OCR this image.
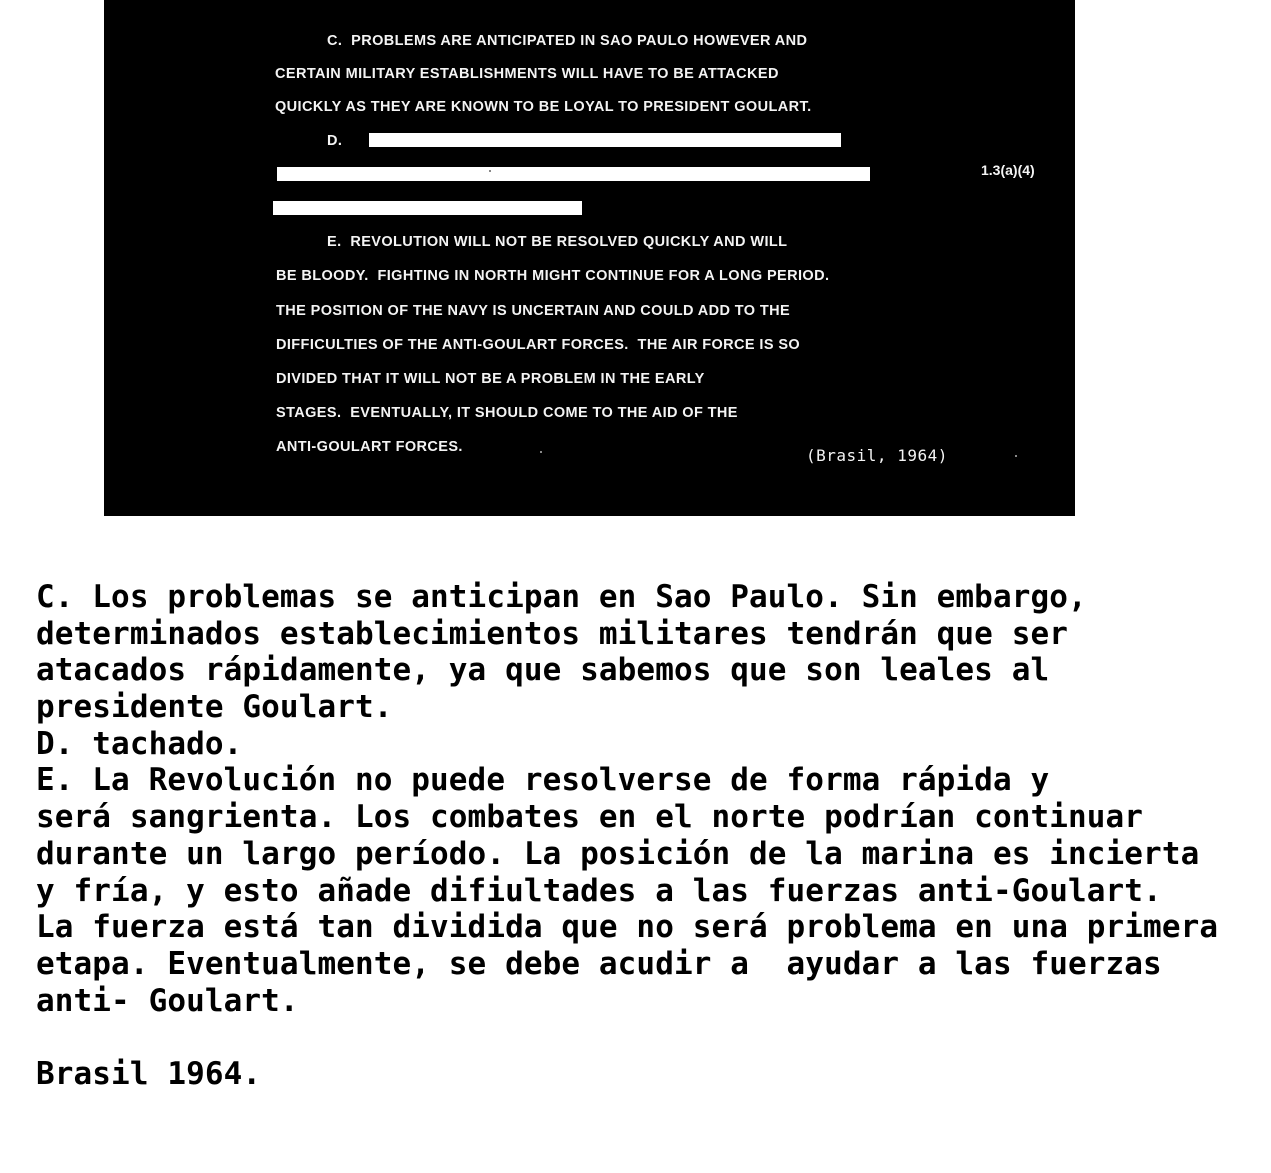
C.  PROBLEMS ARE ANTICIPATED IN SAO PAULO HOWEVER AND
CERTAIN MILITARY ESTABLISHMENTS WILL HAVE TO BE ATTACKED
QUICKLY AS THEY ARE KNOWN TO BE LOYAL TO PRESIDENT GOULART.
D.
1.3(a)(4)
E.  REVOLUTION WILL NOT BE RESOLVED QUICKLY AND WILL
BE BLOODY.  FIGHTING IN NORTH MIGHT CONTINUE FOR A LONG PERIOD.
THE POSITION OF THE NAVY IS UNCERTAIN AND COULD ADD TO THE
DIFFICULTIES OF THE ANTI-GOULART FORCES.  THE AIR FORCE IS SO
DIVIDED THAT IT WILL NOT BE A PROBLEM IN THE EARLY
STAGES.  EVENTUALLY, IT SHOULD COME TO THE AID OF THE
ANTI-GOULART FORCES.	(Brasil, 1964)
C. Los problemas se anticipan en Sao Paulo. Sin embargo,
determinados establecimientos militares tendrán que ser
atacados rápidamente, ya que sabemos que son leales al
presidente Goulart.
D. tachado.
E. La Revolución no puede resolverse de forma rápida y
será sangrienta. Los combates en el norte podrían continuar
durante un largo período. La posición de la marina es incierta
y fría, y esto añade difiultades a las fuerzas anti-Goulart.
La fuerza está tan dividida que no será problema en una primera
etapa. Eventualmente, se debe acudir a  ayudar a las fuerzas
anti- Goulart.
Brasil 1964.
